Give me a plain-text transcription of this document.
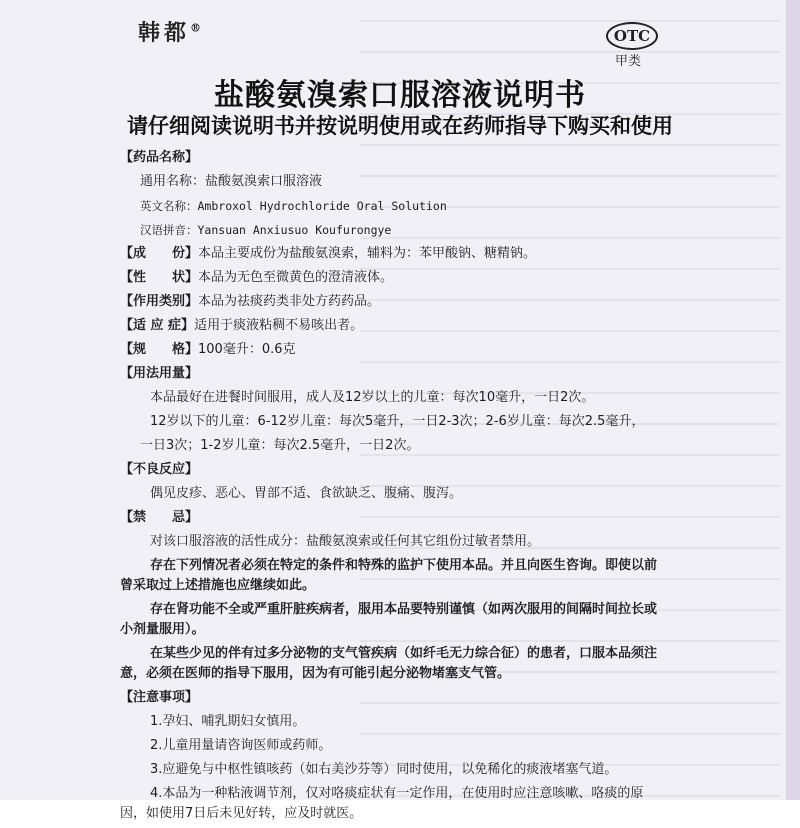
韩都®	OTC
甲类
盐酸氨溴索口服溶液说明书
请仔细阅读说明书并按说明使用或在药师指导下购买和使用
【药品名称】
通用名称：盐酸氨溴索口服溶液
英文名称：Ambroxol Hydrochloride Oral Solution
汉语拼音：Yansuan Anxiusuo Koufurongye
【成　　份】本品主要成份为盐酸氨溴索，辅料为：苯甲酸钠、糖精钠。
【性　　状】本品为无色至微黄色的澄清液体。
【作用类别】本品为祛痰药类非处方药药品。
【适 应 症】适用于痰液粘稠不易咳出者。
【规　　格】100毫升：0.6克
【用法用量】
本品最好在进餐时间服用，成人及12岁以上的儿童：每次10毫升，一日2次。
12岁以下的儿童：6-12岁儿童：每次5毫升，一日2-3次；2-6岁儿童：每次2.5毫升，
一日3次；1-2岁儿童：每次2.5毫升，一日2次。
【不良反应】
偶见皮疹、恶心、胃部不适、食欲缺乏、腹痛、腹泻。
【禁　　忌】
对该口服溶液的活性成分：盐酸氨溴索或任何其它组份过敏者禁用。
存在下列情况者必须在特定的条件和特殊的监护下使用本品。并且向医生咨询。即使以前曾采取过上述措施也应继续如此。
存在肾功能不全或严重肝脏疾病者，服用本品要特别谨慎（如两次服用的间隔时间拉长或小剂量服用）。
在某些少见的伴有过多分泌物的支气管疾病（如纤毛无力综合征）的患者，口服本品须注意，必须在医师的指导下服用，因为有可能引起分泌物堵塞支气管。
【注意事项】
1.孕妇、哺乳期妇女慎用。
2.儿童用量请咨询医师或药师。
3.应避免与中枢性镇咳药（如右美沙芬等）同时使用，以免稀化的痰液堵塞气道。
4.本品为一种粘液调节剂，仅对咯痰症状有一定作用，在使用时应注意咳嗽、咯痰的原因，如使用7日后未见好转，应及时就医。
